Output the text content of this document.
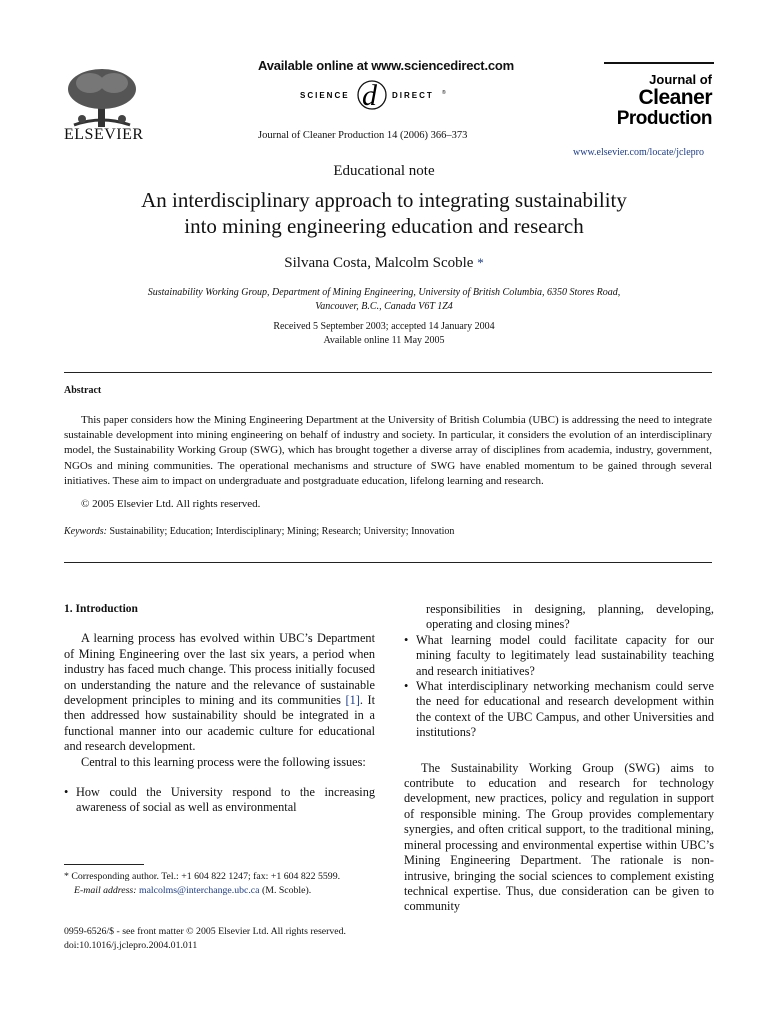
ELSEVIER
Available online at www.sciencedirect.com
SCIENCE d DIRECT ®
Journal of Cleaner Production 14 (2006) 366–373
Journal of
Cleaner
Production
www.elsevier.com/locate/jclepro
Educational note
An interdisciplinary approach to integrating sustainability
into mining engineering education and research
Silvana Costa, Malcolm Scoble *
Sustainability Working Group, Department of Mining Engineering, University of British Columbia, 6350 Stores Road,
Vancouver, B.C., Canada V6T 1Z4
Received 5 September 2003; accepted 14 January 2004
Available online 11 May 2005
Abstract
This paper considers how the Mining Engineering Department at the University of British Columbia (UBC) is addressing the need to integrate sustainable development into mining engineering on behalf of industry and society. In particular, it considers the evolution of an interdisciplinary model, the Sustainability Working Group (SWG), which has brought together a diverse array of disciplines from academia, industry, government, NGOs and mining communities. The operational mechanisms and structure of SWG have enabled momentum to be gained through several initiatives. These aim to impact on undergraduate and postgraduate education, lifelong learning and research.
© 2005 Elsevier Ltd. All rights reserved.
Keywords: Sustainability; Education; Interdisciplinary; Mining; Research; University; Innovation
1. Introduction

A learning process has evolved within UBC’s Department of Mining Engineering over the last six years, a period when industry has faced much change. This process initially focused on understanding the nature and the relevance of sustainable development principles to mining and its communities [1]. It then addressed how sustainability should be integrated in a functional manner into our academic culture for educational and research development.

Central to this learning process were the following issues:

• How could the University respond to the increasing awareness of social as well as environmental
* Corresponding author. Tel.: +1 604 822 1247; fax: +1 604 822 5599.
E-mail address: malcolms@interchange.ubc.ca (M. Scoble).
0959-6526/$ - see front matter © 2005 Elsevier Ltd. All rights reserved.
doi:10.1016/j.jclepro.2004.01.011
responsibilities in designing, planning, developing, operating and closing mines?
• What learning model could facilitate capacity for our mining faculty to legitimately lead sustainability teaching and research initiatives?
• What interdisciplinary networking mechanism could serve the need for educational and research development within the context of the UBC Campus, and other Universities and institutions?

The Sustainability Working Group (SWG) aims to contribute to education and research for technology development, new practices, policy and regulation in support of responsible mining. The Group provides complementary synergies, and often critical support, to the traditional mining, mineral processing and environmental expertise within UBC’s Mining Engineering Department. The rationale is non-intrusive, bringing the social sciences to complement existing technical expertise. Thus, due consideration can be given to community
